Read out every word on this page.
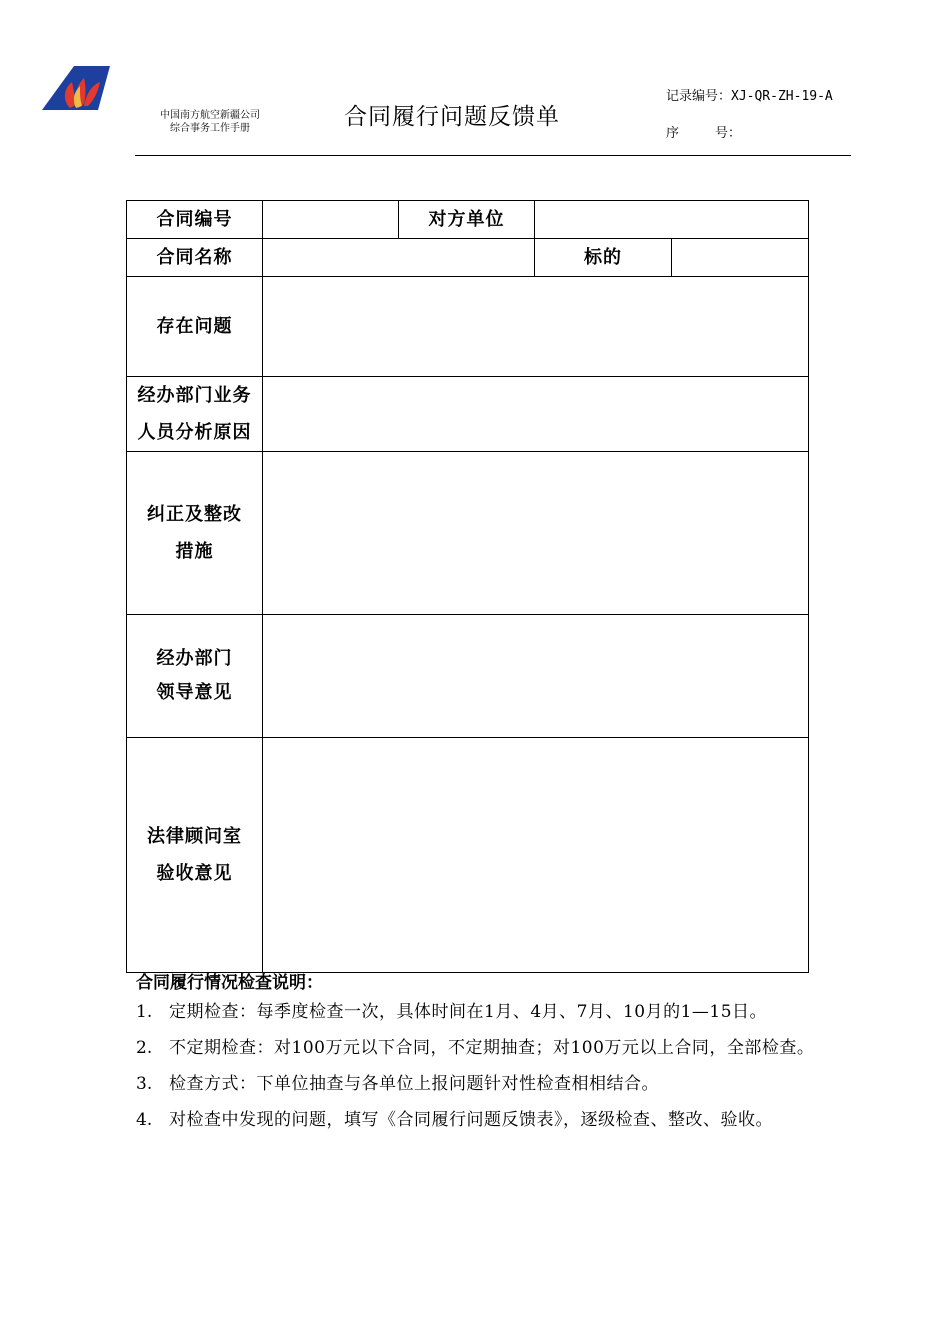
中国南方航空新疆公司
综合事务工作手册	合同履行问题反馈单
记录编号：XJ-QR-ZH-19-A
序	号：
合同编号		对方单位		
合同名称			标的	
存在问题				

经办部门业务
人员分析原因				

纠正及整改
措施				

经办部门
领导意见				

法律顾问室
验收意见				

合同履行情况检查说明：
1. 定期检查：每季度检查一次，具体时间在1月、4月、7月、10月的1—15日。
2. 不定期检查：对100万元以下合同，不定期抽查；对100万元以上合同，全部检查。
3. 检查方式：下单位抽查与各单位上报问题针对性检查相相结合。
4. 对检查中发现的问题，填写《合同履行问题反馈表》，逐级检查、整改、验收。
